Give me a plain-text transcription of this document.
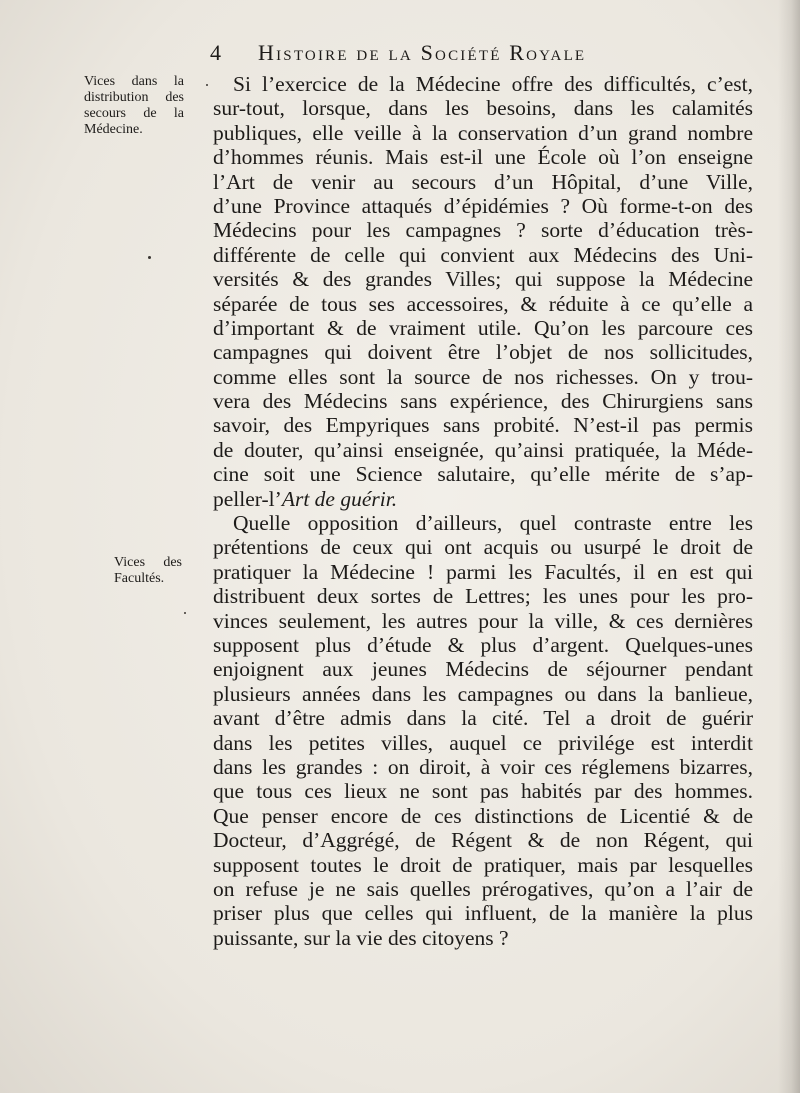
4 Histoire de la Société Royale
Vices dans la
distribution des
secours de la
Médecine.
Vices des
Facultés.
Si l’exercice de la Médecine offre des difficultés, c’est,
sur-tout, lorsque, dans les besoins, dans les calamités
publiques, elle veille à la conservation d’un grand nombre
d’hommes réunis. Mais est-il une École où l’on enseigne
l’Art de venir au secours d’un Hôpital, d’une Ville,
d’une Province attaqués d’épidémies ? Où forme-t-on des
Médecins pour les campagnes ? sorte d’éducation très-
différente de celle qui convient aux Médecins des Uni-
versités & des grandes Villes; qui suppose la Médecine
séparée de tous ses accessoires, & réduite à ce qu’elle a
d’important & de vraiment utile. Qu’on les parcoure ces
campagnes qui doivent être l’objet de nos sollicitudes,
comme elles sont la source de nos richesses. On y trou-
vera des Médecins sans expérience, des Chirurgiens sans
savoir, des Empyriques sans probité. N’est-il pas permis
de douter, qu’ainsi enseignée, qu’ainsi pratiquée, la Méde-
cine soit une Science salutaire, qu’elle mérite de s’ap-
peller-l’Art de guérir.
Quelle opposition d’ailleurs, quel contraste entre les
prétentions de ceux qui ont acquis ou usurpé le droit de
pratiquer la Médecine ! parmi les Facultés, il en est qui
distribuent deux sortes de Lettres; les unes pour les pro-
vinces seulement, les autres pour la ville, & ces dernières
supposent plus d’étude & plus d’argent. Quelques-unes
enjoignent aux jeunes Médecins de séjourner pendant
plusieurs années dans les campagnes ou dans la banlieue,
avant d’être admis dans la cité. Tel a droit de guérir
dans les petites villes, auquel ce privilége est interdit
dans les grandes : on diroit, à voir ces réglemens bizarres,
que tous ces lieux ne sont pas habités par des hommes.
Que penser encore de ces distinctions de Licentié & de
Docteur, d’Aggrégé, de Régent & de non Régent, qui
supposent toutes le droit de pratiquer, mais par lesquelles
on refuse je ne sais quelles prérogatives, qu’on a l’air de
priser plus que celles qui influent, de la manière la plus
puissante, sur la vie des citoyens ?
